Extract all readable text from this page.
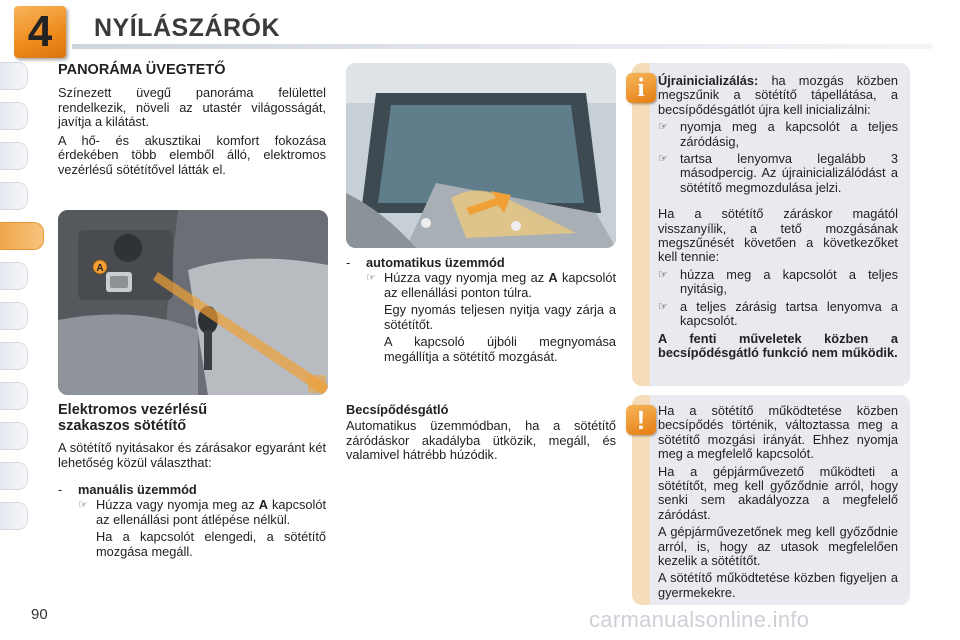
4 NYÍLÁSZÁRÓK
PANORÁMA ÜVEGTETŐ

Színezett üvegű panoráma felülettel rendelkezik, növeli az utastér világosságát, javítja a kilátást.

A hő- és akusztikai komfort fokozása érdekében több elemből álló, elektromos vezérlésű sötétítővel látták el.

A
Elektromos vezérlésű
szakaszos sötétítő
A sötétítő nyitásakor és zárásakor egyaránt két lehetőség közül választhat:
- manuális üzemmód
☞ Húzza vagy nyomja meg az A kapcsolót az ellenállási pont átlépése nélkül.
Ha a kapcsolót elengedi, a sötétítő mozgása megáll.
- automatikus üzemmód
☞ Húzza vagy nyomja meg az A kapcsolót az ellenállási ponton túlra.
Egy nyomás teljesen nyitja vagy zárja a sötétítőt.
A kapcsoló újbóli megnyomása megállítja a sötétítő mozgását.
Becsípődésgátló
Automatikus üzemmódban, ha a sötétítő záródáskor akadályba ütközik, megáll, és valamivel hátrébb húzódik.
i	Újrainicializálás: ha mozgás közben megszűnik a sötétítő tápellátása, a becsípődésgátlót újra kell inicializálni:

☞ nyomja meg a kapcsolót a teljes záródásig,
☞ tartsa lenyomva legalább 3 másodpercig. Az újrainicializálódást a sötétítő megmozdulása jelzi.

Ha a sötétítő záráskor magától visszanyílik, a tető mozgásának megszűnését követően a következőket kell tennie:

☞ húzza meg a kapcsolót a teljes nyitásig,
☞ a teljes zárásig tartsa lenyomva a kapcsolót.

A fenti műveletek közben a becsípődésgátló funkció nem működik.

! Ha a sötétítő működtetése közben becsípődés történik, változtassa meg a sötétítő mozgási irányát. Ehhez nyomja meg a megfelelő kapcsolót.

Ha a gépjárművezető működteti a sötétítőt, meg kell győződnie arról, hogy senki sem akadályozza a megfelelő záródást.

A gépjárművezetőnek meg kell győződnie arról, is, hogy az utasok megfelelően kezelik a sötétítőt.

A sötétítő működtetése közben figyeljen a gyermekekre.

90	carmanualsonline.info
